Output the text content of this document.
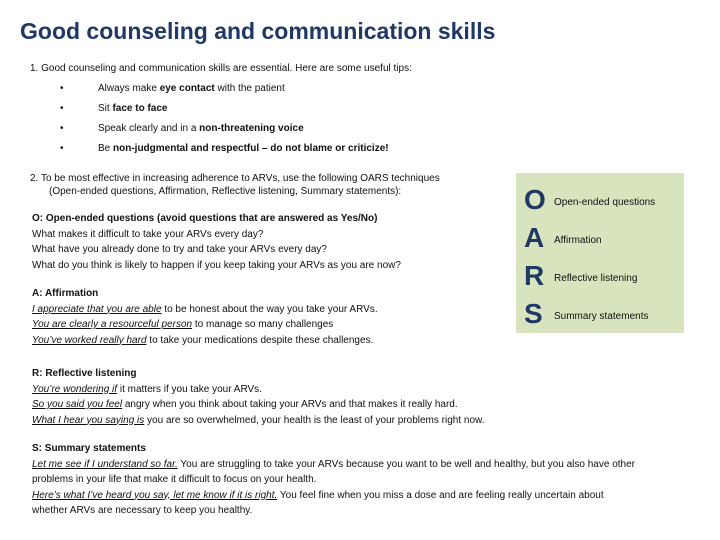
Good counseling and communication skills
1. Good counseling and communication skills are essential. Here are some useful tips:
•	Always make eye contact with the patient
•	Sit face to face
•	Speak clearly and in a non-threatening voice
•	Be non-judgmental and respectful – do not blame or criticize!
2. To be most effective in increasing adherence to ARVs, use the following OARS techniques
(Open-ended questions, Affirmation, Reflective listening, Summary statements):
O: Open-ended questions (avoid questions that are answered as Yes/No)
What makes it difficult to take your ARVs every day?
What have you already done to try and take your ARVs every day?
What do you think is likely to happen if you keep taking your ARVs as you are now?
A: Affirmation
I appreciate that you are able to be honest about the way you take your ARVs.
You are clearly a resourceful person to manage so many challenges
You’ve worked really hard to take your medications despite these challenges.
R: Reflective listening
You’re wondering if it matters if you take your ARVs.
So you said you feel angry when you think about taking your ARVs and that makes it really hard.
What I hear you saying is you are so overwhelmed, your health is the least of your problems right now.
S: Summary statements
Let me see if I understand so far. You are struggling to take your ARVs because you want to be well and healthy, but you also have other
problems in your life that make it difficult to focus on your health.
Here’s what I’ve heard you say, let me know if it is right. You feel fine when you miss a dose and are feeling really uncertain about
whether ARVs are necessary to keep you healthy.
O Open-ended questions
A Affirmation
R Reflective listening
S Summary statements
